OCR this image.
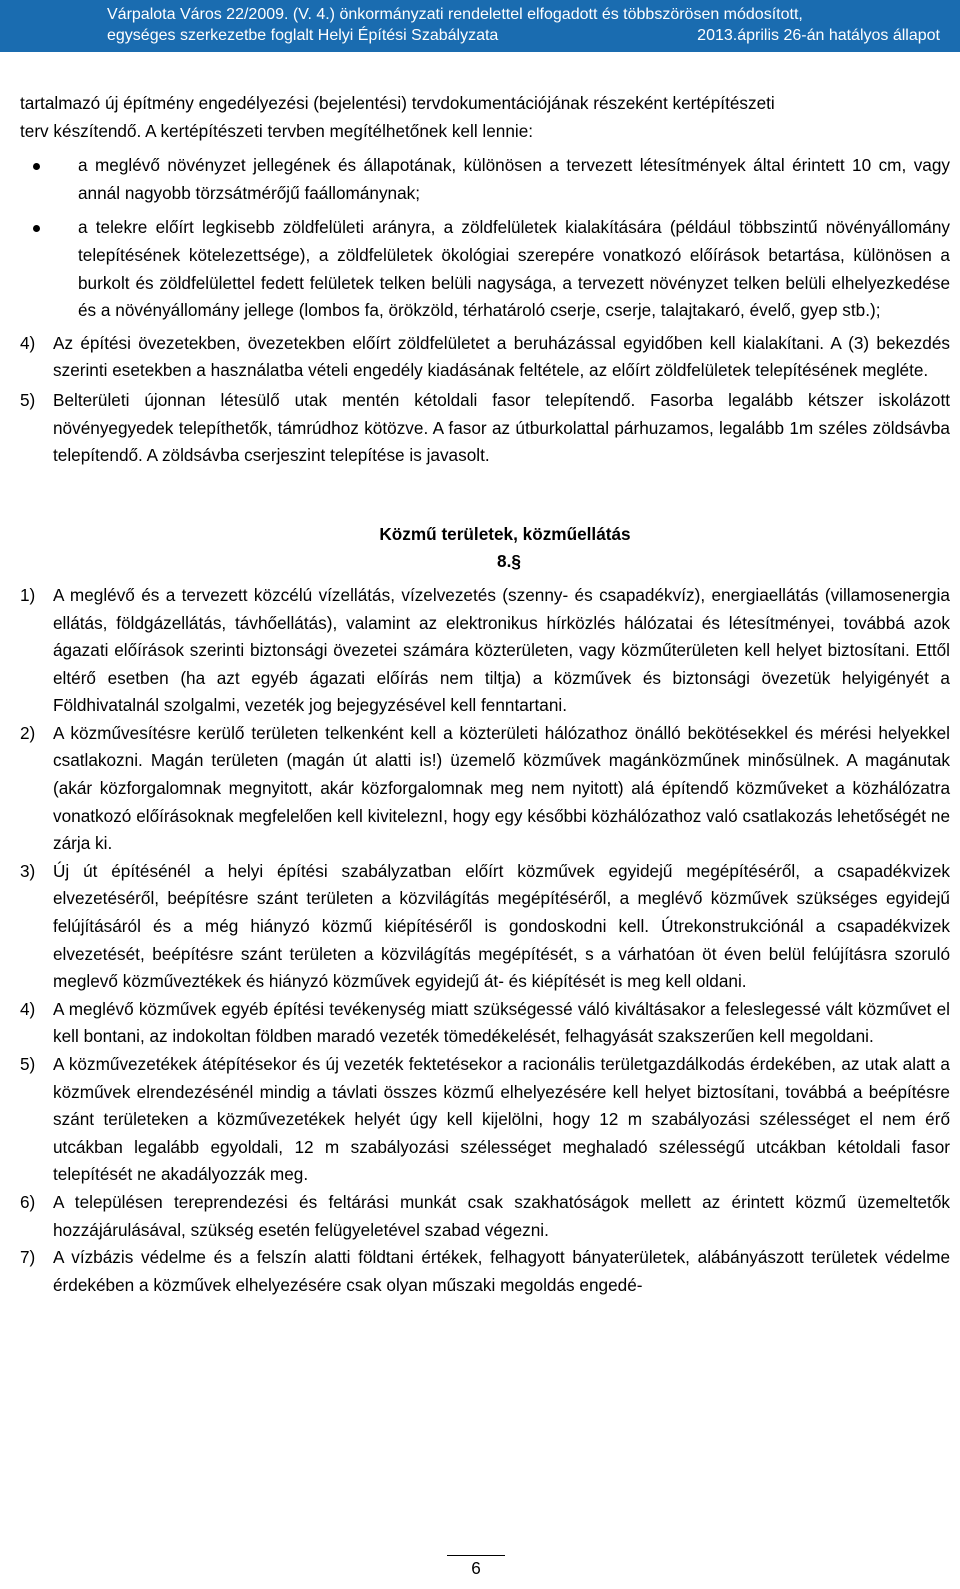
Várpalota Város 22/2009. (V. 4.) önkormányzati rendelettel elfogadott és többszörösen módosított,
egységes szerkezetbe foglalt Helyi Építési Szabályzata	2013.április 26-án hatályos állapot

tartalmazó új építmény engedélyezési (bejelentési) tervdokumentációjának részeként kertépítészeti

terv készítendő. A kertépítészeti tervben megítélhetőnek kell lennie:

a meglévő növényzet jellegének és állapotának, különösen a tervezett létesítmények által érintett 10 cm, vagy annál nagyobb törzsátmérőjű faállománynak;
a telekre előírt legkisebb zöldfelületi arányra, a zöldfelületek kialakítására (például többszintű növényállomány telepítésének kötelezettsége), a zöldfelületek ökológiai szerepére vonatkozó előírások betartása, különösen a burkolt és zöldfelülettel fedett felületek telken belüli nagysága, a tervezett növényzet telken belüli elhelyezkedése és a növényállomány jellege (lombos fa, örökzöld, térhatároló cserje, cserje, talajtakaró, évelő, gyep stb.);
4) Az építési övezetekben, övezetekben előírt zöldfelületet a beruházással egyidőben kell kialakítani. A (3) bekezdés szerinti esetekben a használatba vételi engedély kiadásának feltétele, az előírt zöldfelületek telepítésének megléte.
5) Belterületi újonnan létesülő utak mentén kétoldali fasor telepítendő. Fasorba legalább kétszer iskolázott növényegyedek telepíthetők, támrúdhoz kötözve. A fasor az útburkolattal párhuzamos, legalább 1m széles zöldsávba telepítendő. A zöldsávba cserjeszint telepítése is javasolt.

Közmű területek, közműellátás

8.§

1) A meglévő és a tervezett közcélú vízellátás, vízelvezetés (szenny- és csapadékvíz), energiaellátás (villamosenergia ellátás, földgázellátás, távhőellátás), valamint az elektronikus hírközlés hálózatai és létesítményei, továbbá azok ágazati előírások szerinti biztonsági övezetei számára közterületen, vagy közműterületen kell helyet biztosítani. Ettől eltérő esetben (ha azt egyéb ágazati előírás nem tiltja) a közművek és biztonsági övezetük helyigényét a Földhivatalnál szolgalmi, vezeték jog bejegyzésével kell fenntartani.
2) A közművesítésre kerülő területen telkenként kell a közterületi hálózathoz önálló bekötésekkel és mérési helyekkel csatlakozni. Magán területen (magán út alatti is!) üzemelő közművek magánközműnek minősülnek. A magánutak (akár közforgalomnak megnyitott, akár közforgalomnak meg nem nyitott) alá építendő közműveket a közhálózatra vonatkozó előírásoknak megfelelően kell kiviteleznI, hogy egy későbbi közhálózathoz való csatlakozás lehetőségét ne zárja ki.
3) Új út építésénél a helyi építési szabályzatban előírt közművek egyidejű megépítéséről, a csapadékvizek elvezetéséről, beépítésre szánt területen a közvilágítás megépítéséről, a meglévő közművek szükséges egyidejű felújításáról és a még hiányzó közmű kiépítéséről is gondoskodni kell. Útrekonstrukciónál a csapadékvizek elvezetését, beépítésre szánt területen a közvilágítás megépítését, s a várhatóan öt éven belül felújításra szoruló meglevő közműveztékek és hiányzó közművek egyidejű át- és kiépítését is meg kell oldani.
4) A meglévő közművek egyéb építési tevékenység miatt szükségessé váló kiváltásakor a feleslegessé vált közművet el kell bontani, az indokoltan földben maradó vezeték tömedékelését, felhagyását szakszerűen kell megoldani.
5) A közművezetékek átépítésekor és új vezeték fektetésekor a racionális területgazdálkodás érdekében, az utak alatt a közművek elrendezésénél mindig a távlati összes közmű elhelyezésére kell helyet biztosítani, továbbá a beépítésre szánt területeken a közművezetékek helyét úgy kell kijelölni, hogy 12 m szabályozási szélességet el nem érő utcákban legalább egyoldali, 12 m szabályozási szélességet meghaladó szélességű utcákban kétoldali fasor telepítését ne akadályozzák meg.
6) A településen tereprendezési és feltárási munkát csak szakhatóságok mellett az érintett közmű üzemeltetők hozzájárulásával, szükség esetén felügyeletével szabad végezni.
7) A vízbázis védelme és a felszín alatti földtani értékek, felhagyott bányaterületek, alábányászott területek védelme érdekében a közművek elhelyezésére csak olyan műszaki megoldás engedé-
6
